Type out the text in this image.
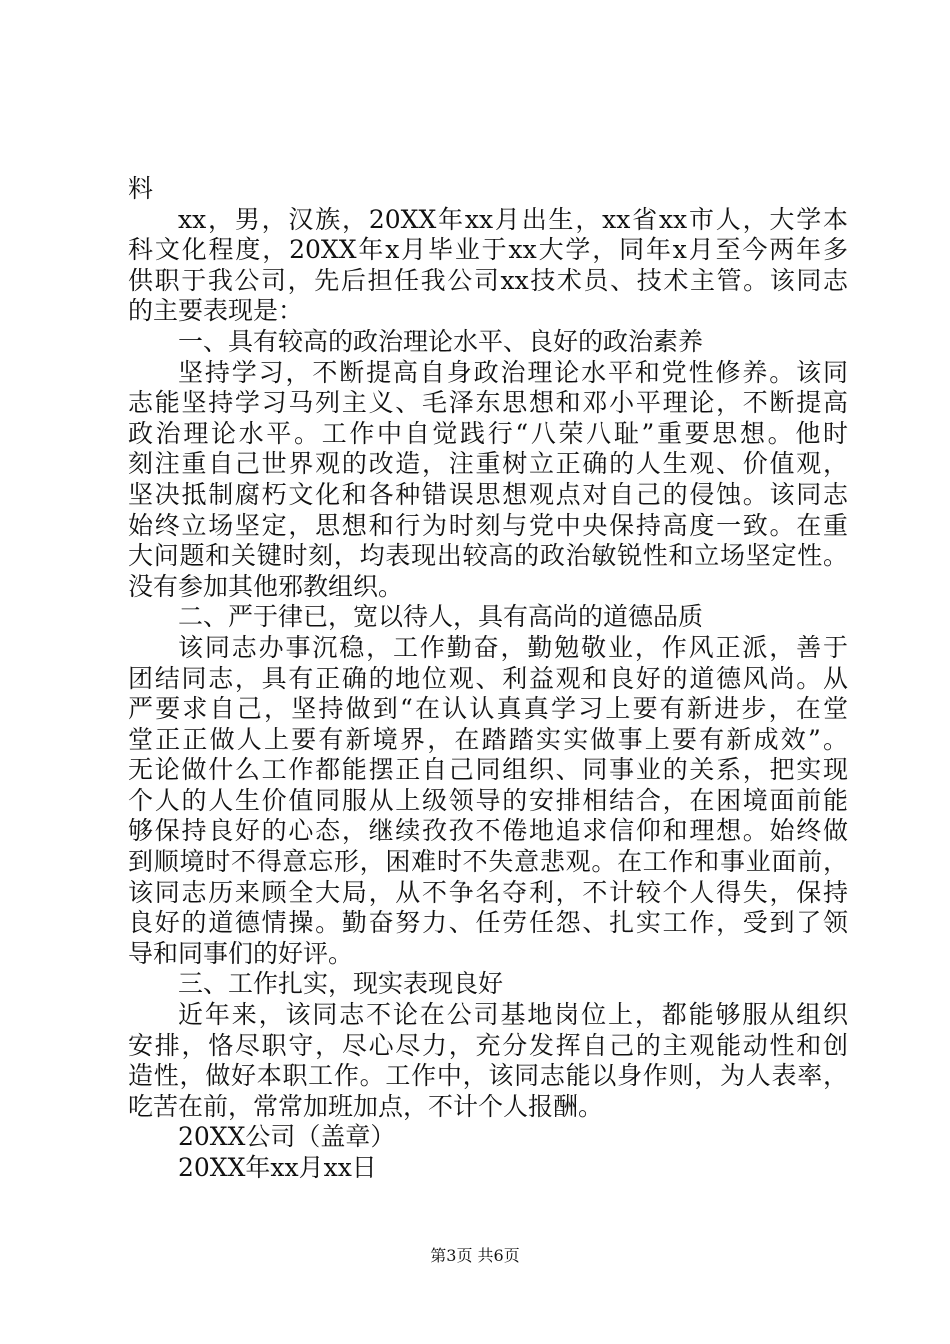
料
xx，男，汉族，20XX年xx月出生，xx省xx市人，大学本
科文化程度，20XX年x月毕业于xx大学，同年x月至今两年多
供职于我公司，先后担任我公司xx技术员、技术主管。该同志
的主要表现是：
一、具有较高的政治理论水平、良好的政治素养
坚持学习，不断提高自身政治理论水平和党性修养。该同
志能坚持学习马列主义、毛泽东思想和邓小平理论，不断提高
政治理论水平。工作中自觉践行“八荣八耻”重要思想。他时
刻注重自己世界观的改造，注重树立正确的人生观、价值观，
坚决抵制腐朽文化和各种错误思想观点对自己的侵蚀。该同志
始终立场坚定，思想和行为时刻与党中央保持高度一致。在重
大问题和关键时刻，均表现出较高的政治敏锐性和立场坚定性。
没有参加其他邪教组织。
二、严于律已，宽以待人，具有高尚的道德品质
该同志办事沉稳，工作勤奋，勤勉敬业，作风正派，善于
团结同志，具有正确的地位观、利益观和良好的道德风尚。从
严要求自己，坚持做到“在认认真真学习上要有新进步，在堂
堂正正做人上要有新境界，在踏踏实实做事上要有新成效”。
无论做什么工作都能摆正自己同组织、同事业的关系，把实现
个人的人生价值同服从上级领导的安排相结合，在困境面前能
够保持良好的心态，继续孜孜不倦地追求信仰和理想。始终做
到顺境时不得意忘形，困难时不失意悲观。在工作和事业面前，
该同志历来顾全大局，从不争名夺利，不计较个人得失，保持
良好的道德情操。勤奋努力、任劳任怨、扎实工作，受到了领
导和同事们的好评。
三、工作扎实，现实表现良好
近年来，该同志不论在公司基地岗位上，都能够服从组织
安排，恪尽职守，尽心尽力，充分发挥自己的主观能动性和创
造性，做好本职工作。工作中，该同志能以身作则，为人表率，
吃苦在前，常常加班加点，不计个人报酬。
20XX公司（盖章）
20XX年xx月xx日
第3页 共6页
